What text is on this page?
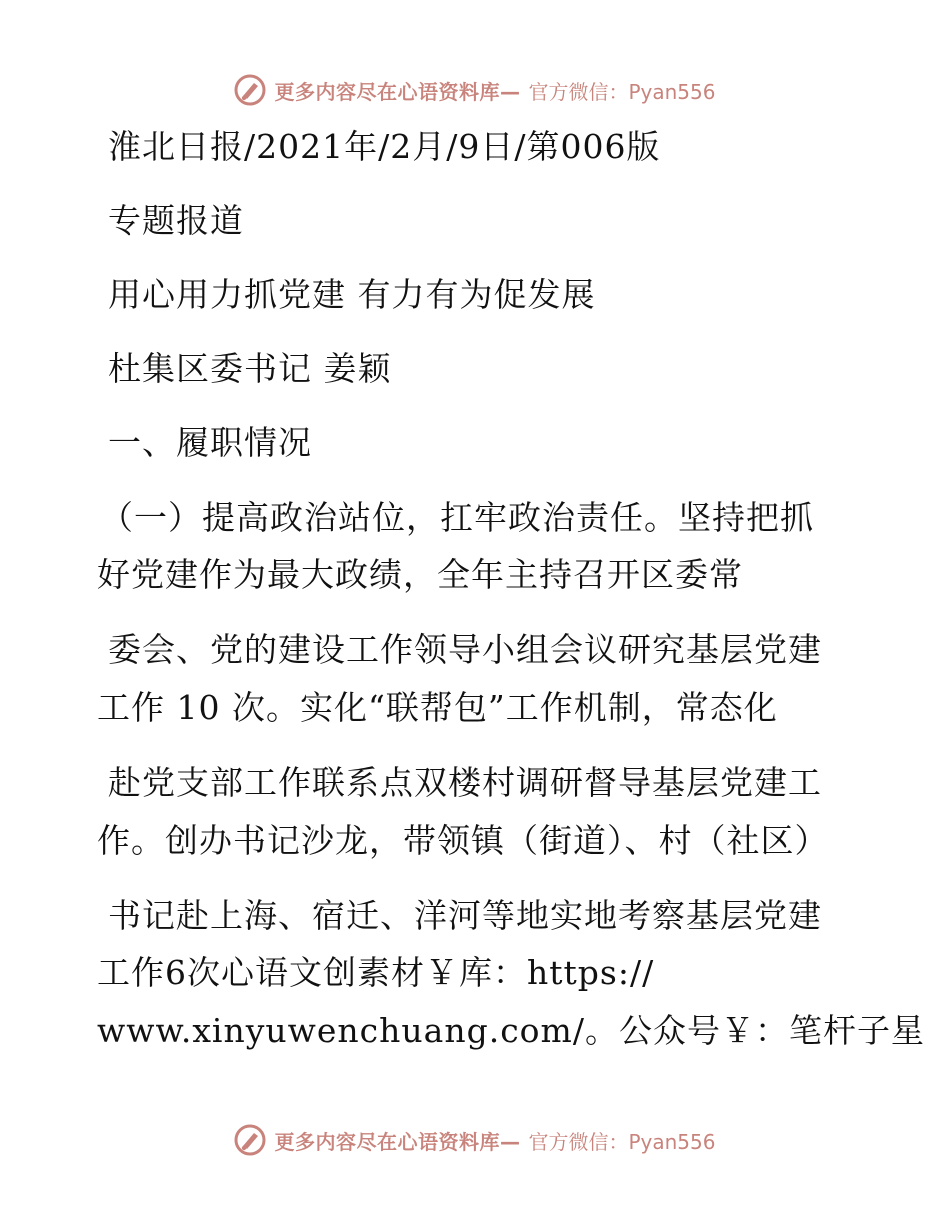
更多内容尽在心语资料库— 官方微信：Pyan556
淮北日报/2021年/2月/9日/第006版
专题报道
用心用力抓党建 有力有为促发展
杜集区委书记 姜颖
一、履职情况
（一）提高政治站位，扛牢政治责任。坚持把抓
好党建作为最大政绩，全年主持召开区委常
委会、党的建设工作领导小组会议研究基层党建
工作 10 次。实化“联帮包”工作机制，常态化
赴党支部工作联系点双楼村调研督导基层党建工
作。创办书记沙龙，带领镇（街道）、村（社区）
书记赴上海、宿迁、洋河等地实地考察基层党建
工作6次心语文创素材￥库：https://
www.xinyuwenchuang.com/。公众号￥：笔杆子星
更多内容尽在心语资料库— 官方微信：Pyan556
